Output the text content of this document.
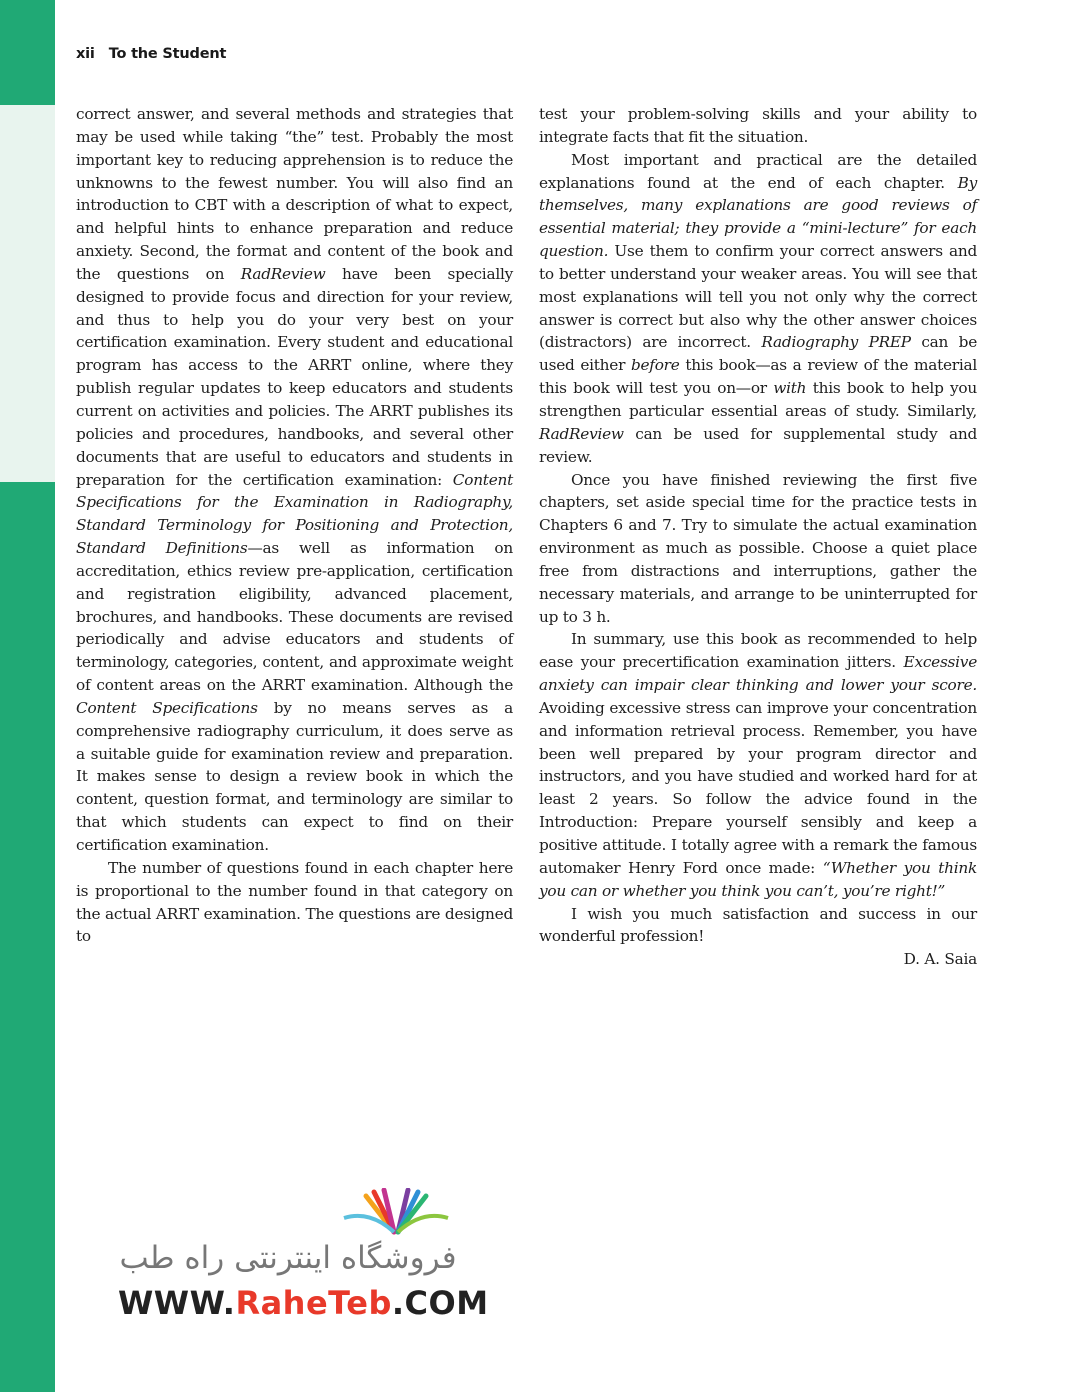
xii To the Student

correct answer, and several methods and strategies that may be used while taking “the” test. Probably the most important key to reducing apprehension is to reduce the unknowns to the fewest number. You will also find an introduction to CBT with a description of what to expect, and helpful hints to enhance preparation and reduce anxiety. Second, the format and content of the book and the questions on RadReview have been specially designed to provide focus and direction for your review, and thus to help you do your very best on your certification examination. Every student and educational program has access to the ARRT online, where they publish regular updates to keep educators and students current on activities and policies. The ARRT publishes its policies and procedures, handbooks, and several other documents that are useful to educators and students in preparation for the certification examination: Content Specifications for the Examination in Radiography, Standard Terminology for Positioning and Protection, Standard Definitions—as well as information on accreditation, ethics review pre-application, certification and registration eligibility, advanced placement, brochures, and handbooks. These documents are revised periodically and advise educators and students of terminology, categories, content, and approximate weight of content areas on the ARRT examination. Although the Content Specifications by no means serves as a comprehensive radiography curriculum, it does serve as a suitable guide for examination review and preparation. It makes sense to design a review book in which the content, question format, and terminology are similar to that which students can expect to find on their certification examination.

The number of questions found in each chapter here is proportional to the number found in that category on the actual ARRT examination. The questions are designed to

test your problem-solving skills and your ability to integrate facts that fit the situation.

Most important and practical are the detailed explanations found at the end of each chapter. By themselves, many explanations are good reviews of essential material; they provide a “mini-lecture” for each question. Use them to confirm your correct answers and to better understand your weaker areas. You will see that most explanations will tell you not only why the correct answer is correct but also why the other answer choices (distractors) are incorrect. Radiography PREP can be used either before this book—as a review of the material this book will test you on—or with this book to help you strengthen particular essential areas of study. Similarly, RadReview can be used for supplemental study and review.

Once you have finished reviewing the first five chapters, set aside special time for the practice tests in Chapters 6 and 7. Try to simulate the actual examination environment as much as possible. Choose a quiet place free from distractions and interruptions, gather the necessary materials, and arrange to be uninterrupted for up to 3 h.

In summary, use this book as recommended to help ease your precertification examination jitters. Excessive anxiety can impair clear thinking and lower your score. Avoiding excessive stress can improve your concentration and information retrieval process. Remember, you have been well prepared by your program director and instructors, and you have studied and worked hard for at least 2 years. So follow the advice found in the Introduction: Prepare yourself sensibly and keep a positive attitude. I totally agree with a remark the famous automaker Henry Ford once made: “Whether you think you can or whether you think you can’t, you’re right!”

I wish you much satisfaction and success in our wonderful profession!

D. A. Saia

فروشگاه اینترنتی راه طب
WWW.RaheTeb.COM
